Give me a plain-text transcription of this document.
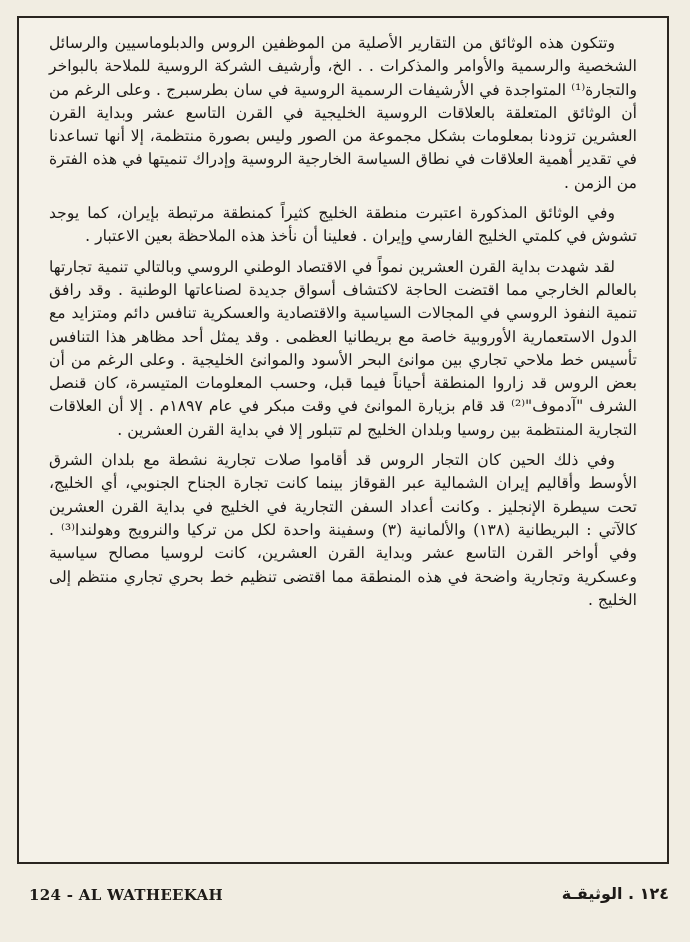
وتتكون هذه الوثائق من التقارير الأصلية من الموظفين الروس والدبلوماسيين والرسائل الشخصية والرسمية والأوامر والمذكرات . . الخ، وأرشيف الشركة الروسية للملاحة بالبواخر والتجارة⁽¹⁾ المتواجدة في الأرشيفات الرسمية الروسية في سان بطرسبرج . وعلى الرغم من أن الوثائق المتعلقة بالعلاقات الروسية الخليجية في القرن التاسع عشر وبداية القرن العشرين تزودنا بمعلومات بشكل مجموعة من الصور وليس بصورة منتظمة، إلا أنها تساعدنا في تقدير أهمية العلاقات في نطاق السياسة الخارجية الروسية وإدراك تنميتها في هذه الفترة من الزمن .

وفي الوثائق المذكورة اعتبرت منطقة الخليج كثيراً كمنطقة مرتبطة بإيران، كما يوجد تشوش في كلمتي الخليج الفارسي وإيران . فعلينا أن نأخذ هذه الملاحظة بعين الاعتبار .

لقد شهدت بداية القرن العشرين نمواً في الاقتصاد الوطني الروسي وبالتالي تنمية تجارتها بالعالم الخارجي مما اقتضت الحاجة لاكتشاف أسواق جديدة لصناعاتها الوطنية . وقد رافق تنمية النفوذ الروسي في المجالات السياسية والاقتصادية والعسكرية تنافس دائم ومتزايد مع الدول الاستعمارية الأوروبية خاصة مع بريطانيا العظمى . وقد يمثل أحد مظاهر هذا التنافس تأسيس خط ملاحي تجاري بين موانئ البحر الأسود والموانئ الخليجية . وعلى الرغم من أن بعض الروس قد زاروا المنطقة أحياناً فيما قبل، وحسب المعلومات المتيسرة، كان قنصل الشرف "آدموف"⁽²⁾ قد قام بزيارة الموانئ في وقت مبكر في عام ١٨٩٧م . إلا أن العلاقات التجارية المنتظمة بين روسيا وبلدان الخليج لم تتبلور إلا في بداية القرن العشرين .

وفي ذلك الحين كان التجار الروس قد أقاموا صلات تجارية نشطة مع بلدان الشرق الأوسط وأقاليم إيران الشمالية عبر القوقاز بينما كانت تجارة الجناح الجنوبي، أي الخليج، تحت سيطرة الإنجليز . وكانت أعداد السفن التجارية في الخليج في بداية القرن العشرين كالآتي : البريطانية (١٣٨) والألمانية (٣) وسفينة واحدة لكل من تركيا والنرويج وهولندا⁽³⁾ . وفي أواخر القرن التاسع عشر وبداية القرن العشرين، كانت لروسيا مصالح سياسية وعسكرية وتجارية واضحة في هذه المنطقة مما اقتضى تنظيم خط بحري تجاري منتظم إلى الخليج .

124 - AL WATHEEKAH	١٢٤ . الوثيقـة
